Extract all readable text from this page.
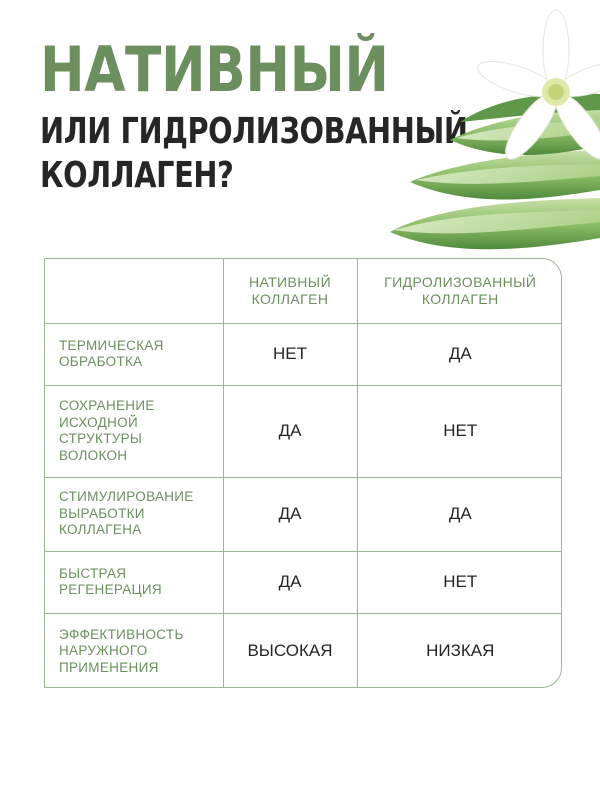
НАТИВНЫЙ
ИЛИ ГИДРОЛИЗОВАННЫЙ
КОЛЛАГЕН?

	НАТИВНЫЙ
КОЛЛАГЕН	ГИДРОЛИЗОВАННЫЙ
КОЛЛАГЕН

ТЕРМИЧЕСКАЯ
ОБРАБОТКА	НЕТ	ДА

СОХРАНЕНИЕ
ИСХОДНОЙ
СТРУКТУРЫ
ВОЛОКОН	ДА	НЕТ

СТИМУЛИРОВАНИЕ
ВЫРАБОТКИ
КОЛЛАГЕНА	ДА	ДА

БЫСТРАЯ
РЕГЕНЕРАЦИЯ	ДА	НЕТ

ЭФФЕКТИВНОСТЬ
НАРУЖНОГО
ПРИМЕНЕНИЯ	ВЫСОКАЯ	НИЗКАЯ
